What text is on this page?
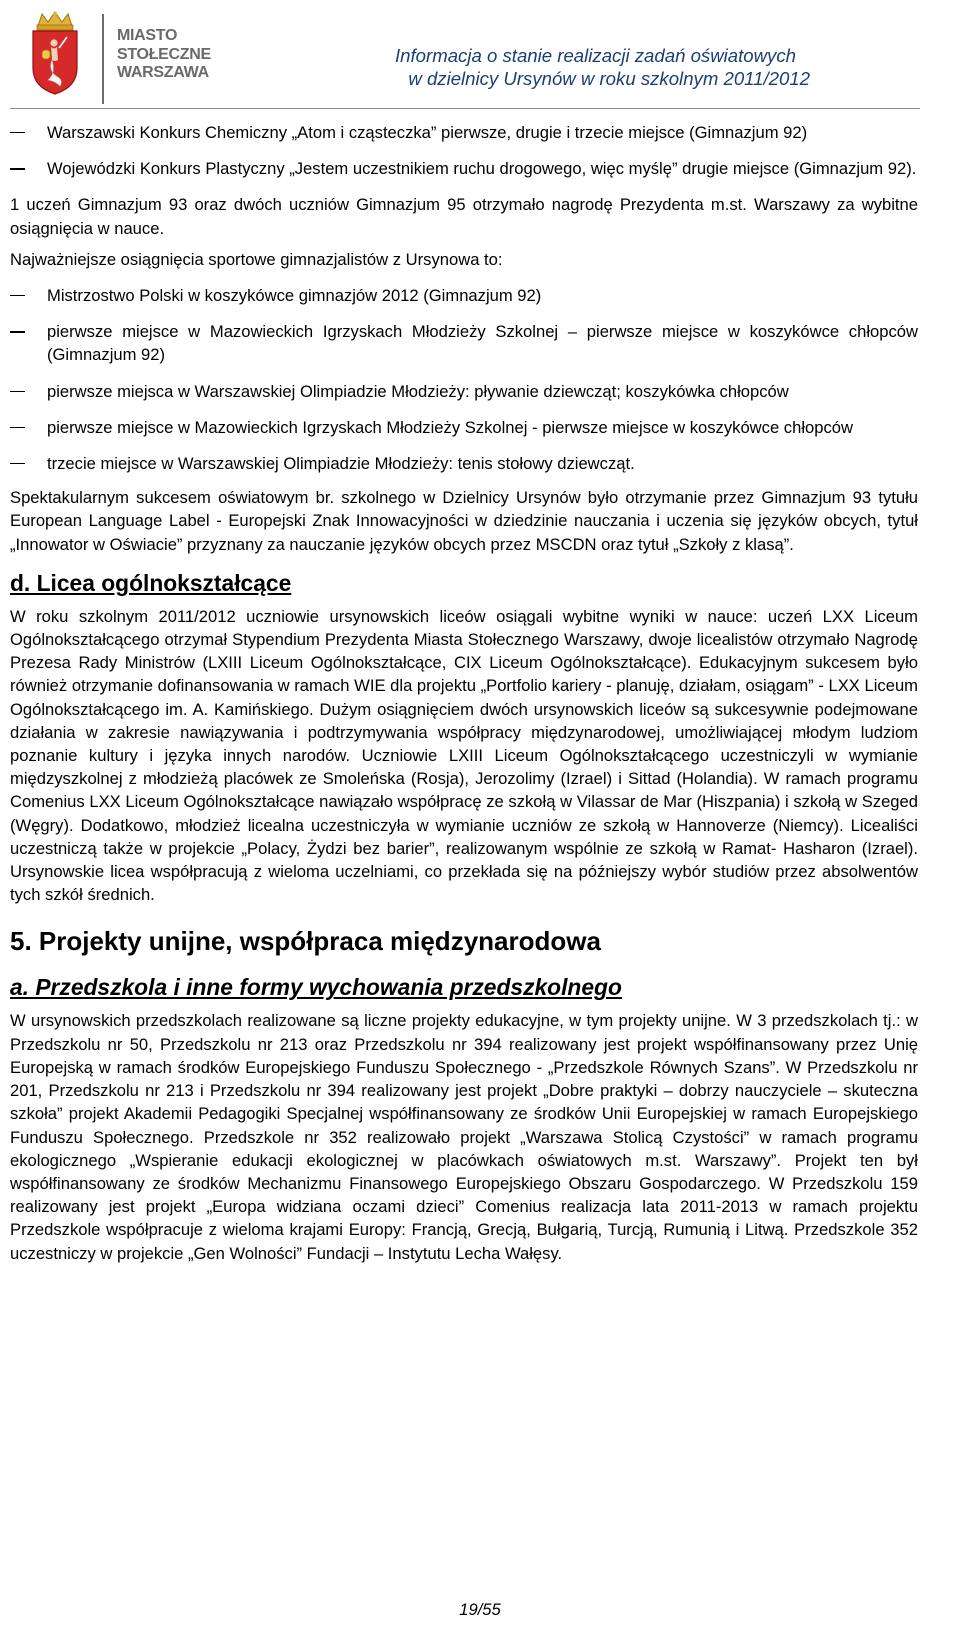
MIASTO
STOŁECZNE
WARSZAWA
Informacja o stanie realizacji zadań oświatowych
w dzielnicy Ursynów w roku szkolnym 2011/2012

Warszawski Konkurs Chemiczny „Atom i cząsteczka” pierwsze, drugie i trzecie miejsce (Gimnazjum 92)

Wojewódzki Konkurs Plastyczny „Jestem uczestnikiem ruchu drogowego, więc myślę” drugie miejsce (Gimnazjum 92).

1 uczeń Gimnazjum 93 oraz dwóch uczniów Gimnazjum 95 otrzymało nagrodę Prezydenta m.st. Warszawy za wybitne osiągnięcia w nauce.

Najważniejsze osiągnięcia sportowe gimnazjalistów z Ursynowa to:

Mistrzostwo Polski w koszykówce gimnazjów 2012 (Gimnazjum 92)

pierwsze miejsce w Mazowieckich Igrzyskach Młodzieży Szkolnej – pierwsze miejsce w koszykówce chłopców (Gimnazjum 92)

pierwsze miejsca w Warszawskiej Olimpiadzie Młodzieży: pływanie dziewcząt; koszykówka chłopców

pierwsze miejsce w Mazowieckich Igrzyskach Młodzieży Szkolnej - pierwsze miejsce w koszykówce chłopców

trzecie miejsce w Warszawskiej Olimpiadzie Młodzieży: tenis stołowy dziewcząt.

Spektakularnym sukcesem oświatowym br. szkolnego w Dzielnicy Ursynów było otrzymanie przez Gimnazjum 93 tytułu European Language Label - Europejski Znak Innowacyjności w dziedzinie nauczania i uczenia się języków obcych, tytuł „Innowator w Oświacie” przyznany za nauczanie języków obcych przez MSCDN oraz tytuł „Szkoły z klasą”.

d. Licea ogólnokształcące

W roku szkolnym 2011/2012 uczniowie ursynowskich liceów osiągali wybitne wyniki w nauce: uczeń LXX Liceum Ogólnokształcącego otrzymał Stypendium Prezydenta Miasta Stołecznego Warszawy, dwoje licealistów otrzymało Nagrodę Prezesa Rady Ministrów (LXIII Liceum Ogólnokształcące, CIX Liceum Ogólnokształcące). Edukacyjnym sukcesem było również otrzymanie dofinansowania w ramach WIE dla projektu „Portfolio kariery - planuję, działam, osiągam” - LXX Liceum Ogólnokształcącego im. A. Kamińskiego. Dużym osiągnięciem dwóch ursynowskich liceów są sukcesywnie podejmowane działania w zakresie nawiązywania i podtrzymywania współpracy międzynarodowej, umożliwiającej młodym ludziom poznanie kultury i języka innych narodów. Uczniowie LXIII Liceum Ogólnokształcącego uczestniczyli w wymianie międzyszkolnej z młodzieżą placówek ze Smoleńska (Rosja), Jerozolimy (Izrael) i Sittad (Holandia). W ramach programu Comenius LXX Liceum Ogólnokształcące nawiązało współpracę ze szkołą w Vilassar de Mar (Hiszpania) i szkołą w Szeged (Węgry). Dodatkowo, młodzież licealna uczestniczyła w wymianie uczniów ze szkołą w Hannoverze (Niemcy). Licealiści uczestniczą także w projekcie „Polacy, Żydzi bez barier”, realizowanym wspólnie ze szkołą w Ramat- Hasharon (Izrael). Ursynowskie licea współpracują z wieloma uczelniami, co przekłada się na późniejszy wybór studiów przez absolwentów tych szkół średnich.

5. Projekty unijne, współpraca międzynarodowa
a. Przedszkola i inne formy wychowania przedszkolnego

W ursynowskich przedszkolach realizowane są liczne projekty edukacyjne, w tym projekty unijne. W 3 przedszkolach tj.: w Przedszkolu nr 50, Przedszkolu nr 213 oraz Przedszkolu nr 394 realizowany jest projekt współfinansowany przez Unię Europejską w ramach środków Europejskiego Funduszu Społecznego - „Przedszkole Równych Szans”. W Przedszkolu nr 201, Przedszkolu nr 213 i Przedszkolu nr 394 realizowany jest projekt „Dobre praktyki – dobrzy nauczyciele – skuteczna szkoła” projekt Akademii Pedagogiki Specjalnej współfinansowany ze środków Unii Europejskiej w ramach Europejskiego Funduszu Społecznego. Przedszkole nr 352 realizowało projekt „Warszawa Stolicą Czystości” w ramach programu ekologicznego „Wspieranie edukacji ekologicznej w placówkach oświatowych m.st. Warszawy”. Projekt ten był współfinansowany ze środków Mechanizmu Finansowego Europejskiego Obszaru Gospodarczego. W Przedszkolu 159 realizowany jest projekt „Europa widziana oczami dzieci” Comenius realizacja lata 2011-2013 w ramach projektu Przedszkole współpracuje z wieloma krajami Europy: Francją, Grecją, Bułgarią, Turcją, Rumunią i Litwą. Przedszkole 352 uczestniczy w projekcie „Gen Wolności” Fundacji – Instytutu Lecha Wałęsy.

19/55
